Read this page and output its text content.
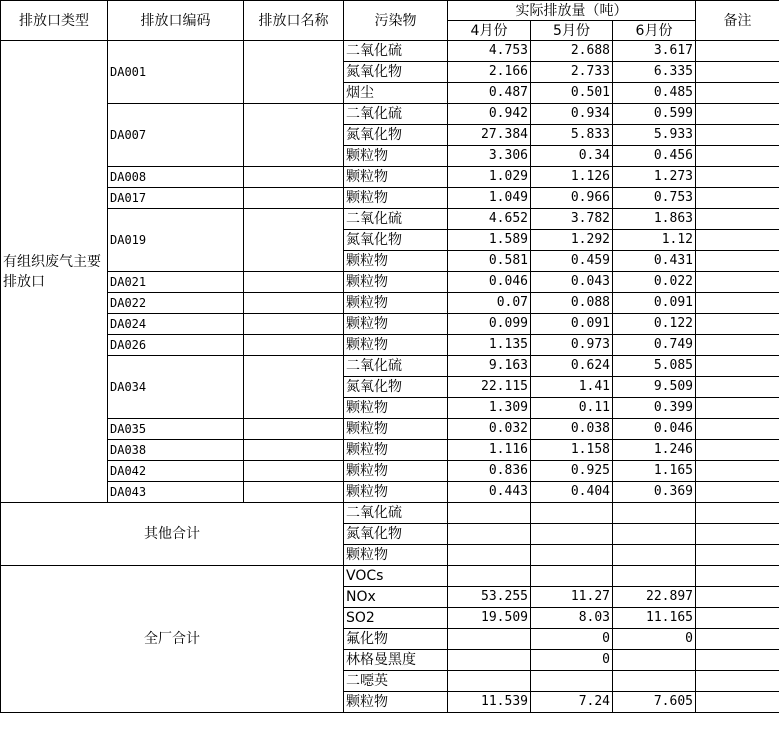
排放口类型	排放口编码	排放口名称	污染物	实际排放量（吨）			备注
				4月份	5月份	6月份	
有组织废气主要排放口	DA001		二氧化硫	4.753	2.688	3.617	
			氮氧化物	2.166	2.733	6.335	
			烟尘	0.487	0.501	0.485	
	DA007		二氧化硫	0.942	0.934	0.599	
			氮氧化物	27.384	5.833	5.933	
			颗粒物	3.306	0.34	0.456	
	DA008		颗粒物	1.029	1.126	1.273	
	DA017		颗粒物	1.049	0.966	0.753	
	DA019		二氧化硫	4.652	3.782	1.863	
			氮氧化物	1.589	1.292	1.12	
			颗粒物	0.581	0.459	0.431	
	DA021		颗粒物	0.046	0.043	0.022	
	DA022		颗粒物	0.07	0.088	0.091	
	DA024		颗粒物	0.099	0.091	0.122	
	DA026		颗粒物	1.135	0.973	0.749	
	DA034		二氧化硫	9.163	0.624	5.085	
			氮氧化物	22.115	1.41	9.509	
			颗粒物	1.309	0.11	0.399	
	DA035		颗粒物	0.032	0.038	0.046	
	DA038		颗粒物	1.116	1.158	1.246	
	DA042		颗粒物	0.836	0.925	1.165	
	DA043		颗粒物	0.443	0.404	0.369	
其他合计			二氧化硫				
			氮氧化物				
			颗粒物				
全厂合计			VOCs				
			NOx	53.255	11.27	22.897	
			SO2	19.509	8.03	11.165	
			氟化物		0	0	
			林格曼黑度		0		
			二噁英				
			颗粒物	11.539	7.24	7.605	
